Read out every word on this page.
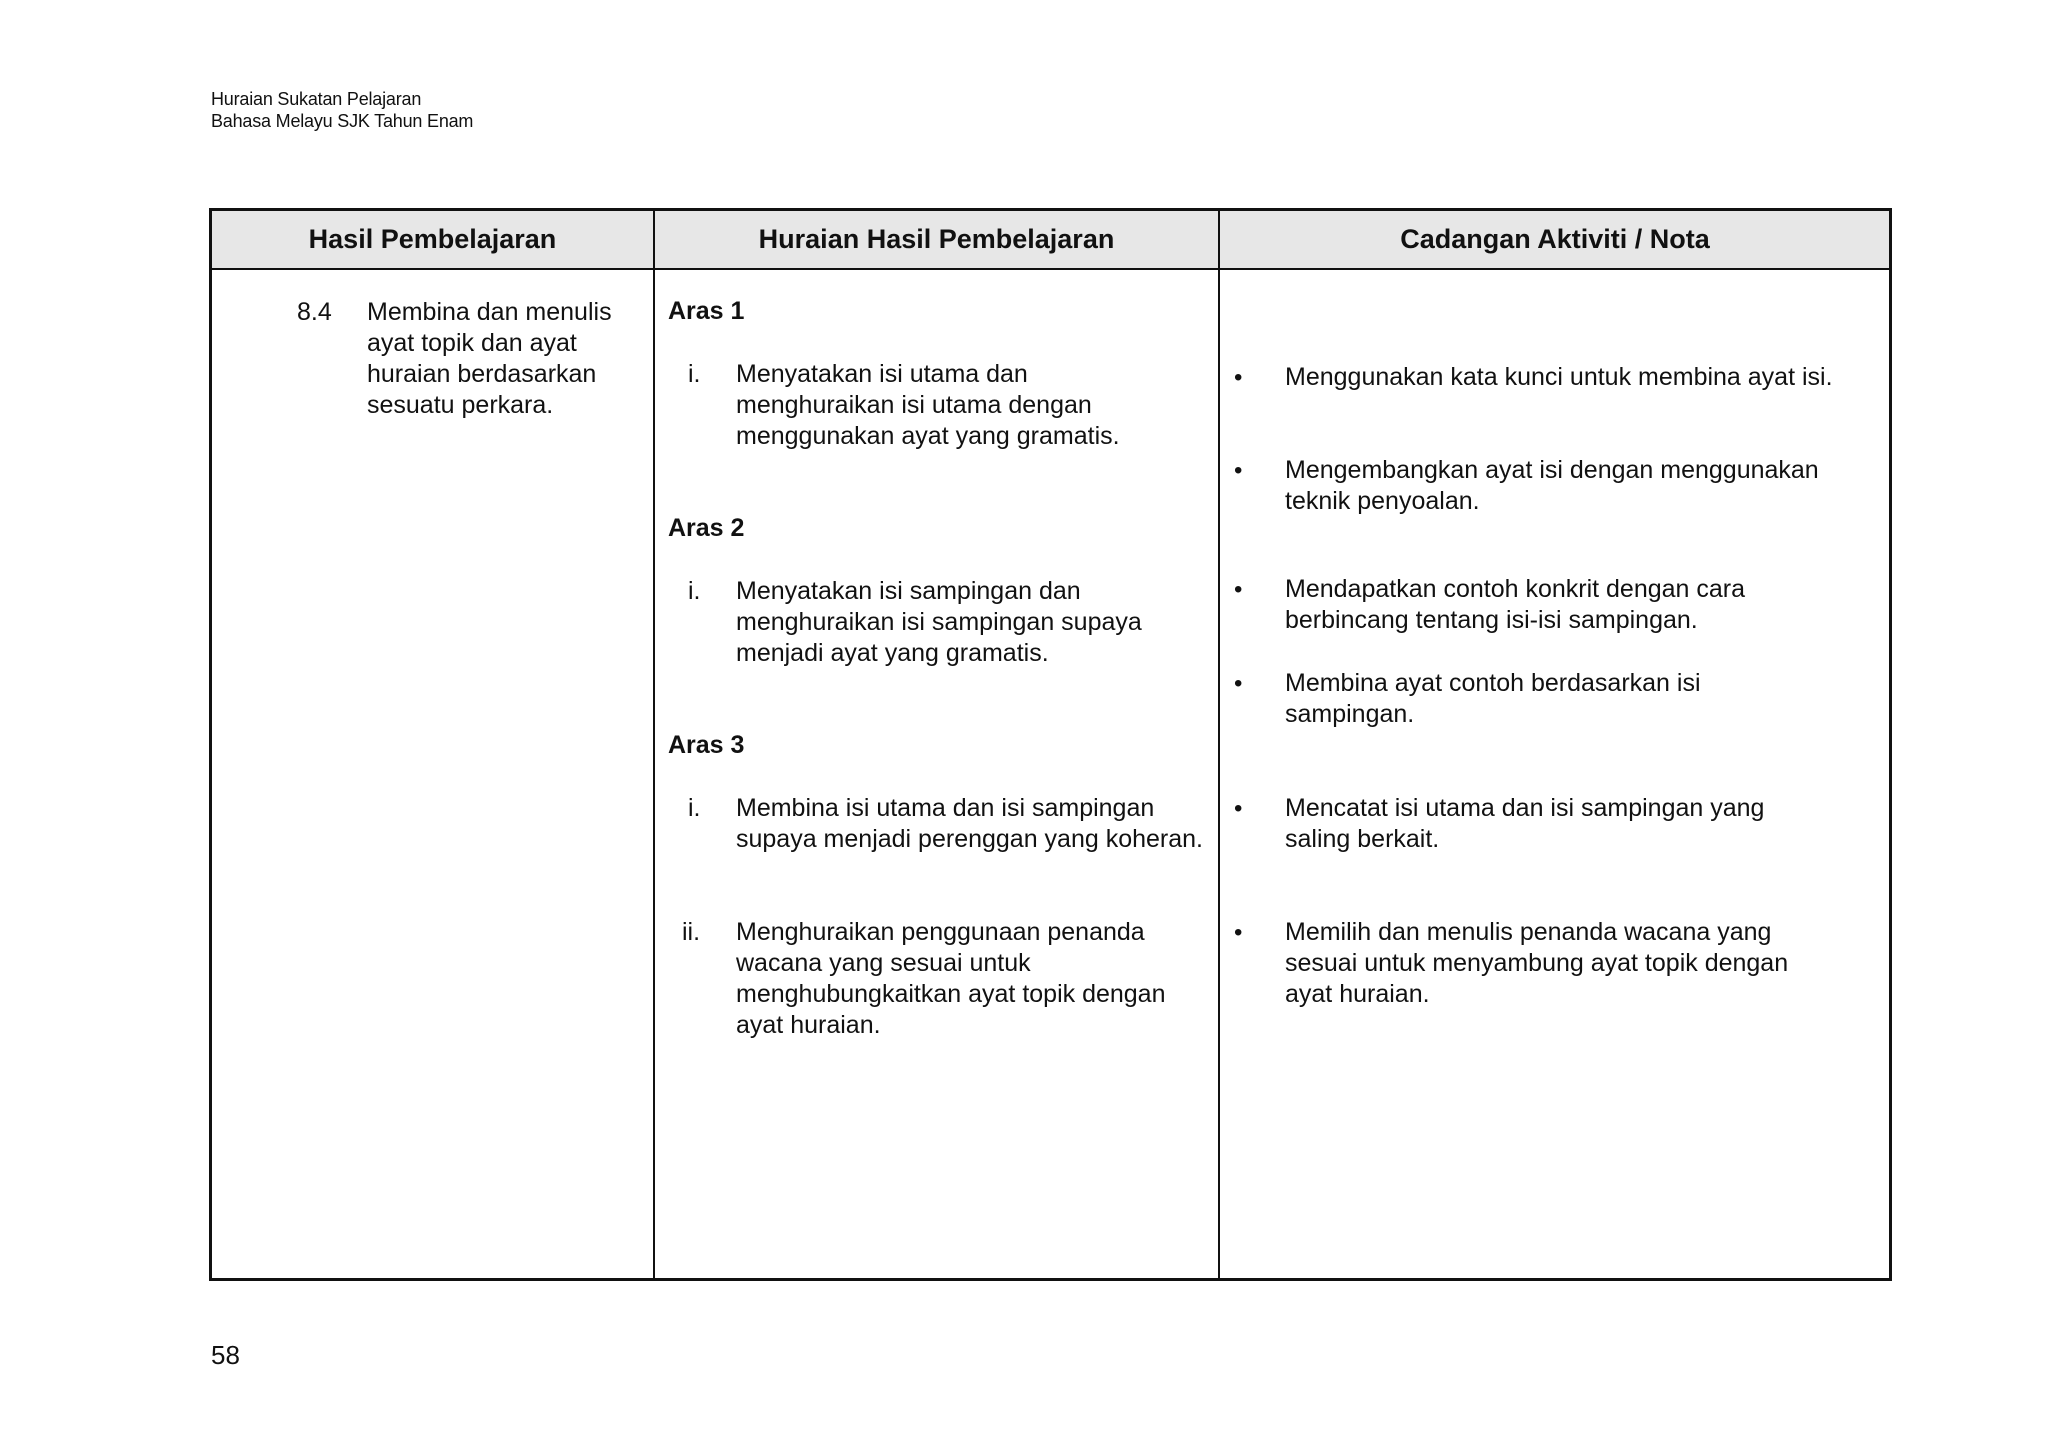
Huraian Sukatan Pelajaran
Bahasa Melayu SJK Tahun Enam
Hasil Pembelajaran	Huraian Hasil Pembelajaran	Cadangan Aktiviti / Nota
8.4 Membina dan menulis ayat topik dan ayat huraian berdasarkan sesuatu perkara.
Aras 1
i. Menyatakan isi utama dan menghuraikan isi utama dengan menggunakan ayat yang gramatis.
Aras 2
i. Menyatakan isi sampingan dan menghuraikan isi sampingan supaya menjadi ayat yang gramatis.
Aras 3
i. Membina isi utama dan isi sampingan supaya menjadi perenggan yang koheran.
ii. Menghuraikan penggunaan penanda wacana yang sesuai untuk menghubungkaitkan ayat topik dengan ayat huraian.
• Menggunakan kata kunci untuk membina ayat isi.
• Mengembangkan ayat isi dengan menggunakan teknik penyoalan.
• Mendapatkan contoh konkrit dengan cara berbincang tentang isi-isi sampingan.
• Membina ayat contoh berdasarkan isi sampingan.
• Mencatat isi utama dan isi sampingan yang saling berkait.
• Memilih dan menulis penanda wacana yang sesuai untuk menyambung ayat topik dengan ayat huraian.
58
